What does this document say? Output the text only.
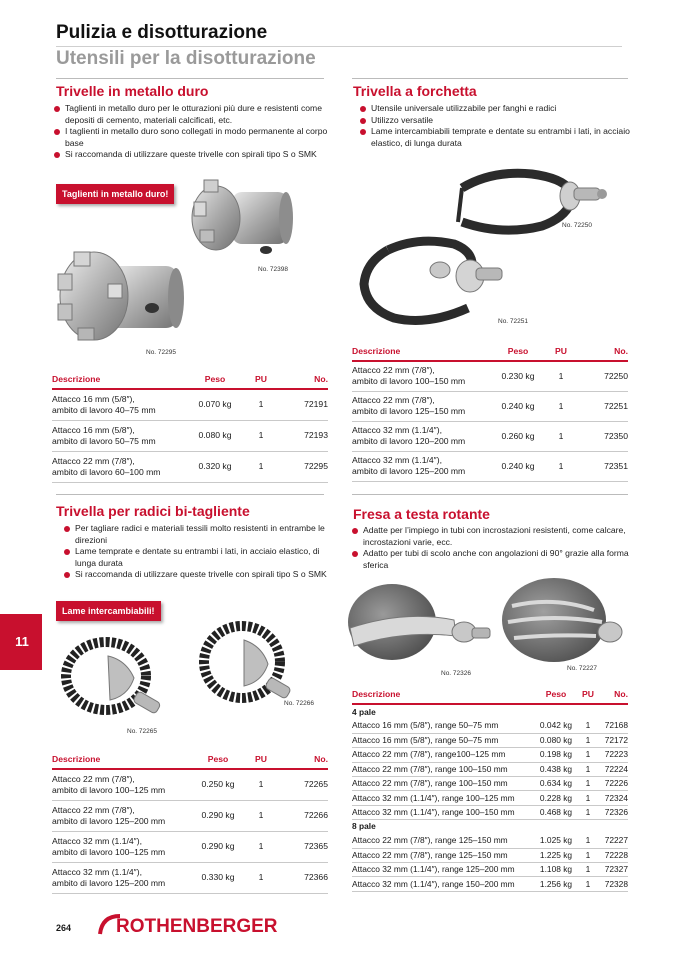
Pulizia e disotturazione
Utensili per la disotturazione
Trivelle in metallo duro
Taglienti in metallo duro per le otturazioni più dure e resistenti come depositi di cemento, materiali calcificati, etc.
I taglienti in metallo duro sono collegati in modo permanente al corpo base
Si raccomanda di utilizzare queste trivelle con spirali tipo S o SMK
Taglienti in metallo duro!
No. 72398
No. 72295
Descrizione	Peso	PU	No.
Attacco 16 mm (5/8″),
ambito di lavoro 40–75 mm	0.070 kg	1	72191
Attacco 16 mm (5/8″),
ambito di lavoro 50–75 mm	0.080 kg	1	72193
Attacco 22 mm (7/8″),
ambito di lavoro 60–100 mm	0.320 kg	1	72295
Trivella a forchetta
Utensile universale utilizzabile per fanghi e radici
Utilizzo versatile
Lame intercambiabili temprate e dentate su entrambi i lati, in acciaio elastico, di lunga durata
No. 72250
No. 72251
Descrizione	Peso	PU	No.
Attacco 22 mm (7/8″),
ambito di lavoro 100–150 mm	0.230 kg	1	72250
Attacco 22 mm (7/8″),
ambito di lavoro 125–150 mm	0.240 kg	1	72251
Attacco 32 mm (1.1/4″),
ambito di lavoro 120–200 mm	0.260 kg	1	72350
Attacco 32 mm (1.1/4″),
ambito di lavoro 125–200 mm	0.240 kg	1	72351
Trivella per radici bi-tagliente
Per tagliare radici e materiali tessili molto resistenti in entrambe le direzioni
Lame temprate e dentate su entrambi i lati, in acciaio elastico, di lunga durata
Si raccomanda di utilizzare queste trivelle con spirali tipo S o SMK
Lame intercambiabili!
No. 72265
No. 72266
Descrizione	Peso	PU	No.
Attacco 22 mm (7/8″),
ambito di lavoro 100–125 mm	0.250 kg	1	72265
Attacco 22 mm (7/8″),
ambito di lavoro 125–200 mm	0.290 kg	1	72266
Attacco 32 mm (1.1/4″),
ambito di lavoro 100–125 mm	0.290 kg	1	72365
Attacco 32 mm (1.1/4″),
ambito di lavoro 125–200 mm	0.330 kg	1	72366
Fresa a testa rotante
Adatte per l’impiego in tubi con incrostazioni resistenti, come calcare, incrostazioni varie, ecc.
Adatto per tubi di scolo anche con angolazioni di 90° grazie alla forma sferica
No. 72326
No. 72227
Descrizione	Peso	PU	No.
4 pale			
Attacco 16 mm (5/8″), range 50–75 mm	0.042 kg	1	72168
Attacco 16 mm (5/8″), range 50–75 mm	0.080 kg	1	72172
Attacco 22 mm (7/8″), range100–125 mm	0.198 kg	1	72223
Attacco 22 mm (7/8″), range 100–150 mm	0.438 kg	1	72224
Attacco 22 mm (7/8″), range 100–150 mm	0.634 kg	1	72226
Attacco 32 mm (1.1/4″), range 100–125 mm	0.228 kg	1	72324
Attacco 32 mm (1.1/4″), range 100–150 mm	0.468 kg	1	72326
8 pale			
Attacco 22 mm (7/8″), range 125–150 mm	1.025 kg	1	72227
Attacco 22 mm (7/8″), range 125–150 mm	1.225 kg	1	72228
Attacco 32 mm (1.1/4″), range 125–200 mm	1.108 kg	1	72327
Attacco 32 mm (1.1/4″), range 150–200 mm	1.256 kg	1	72328
11
264 ROTHENBERGER
